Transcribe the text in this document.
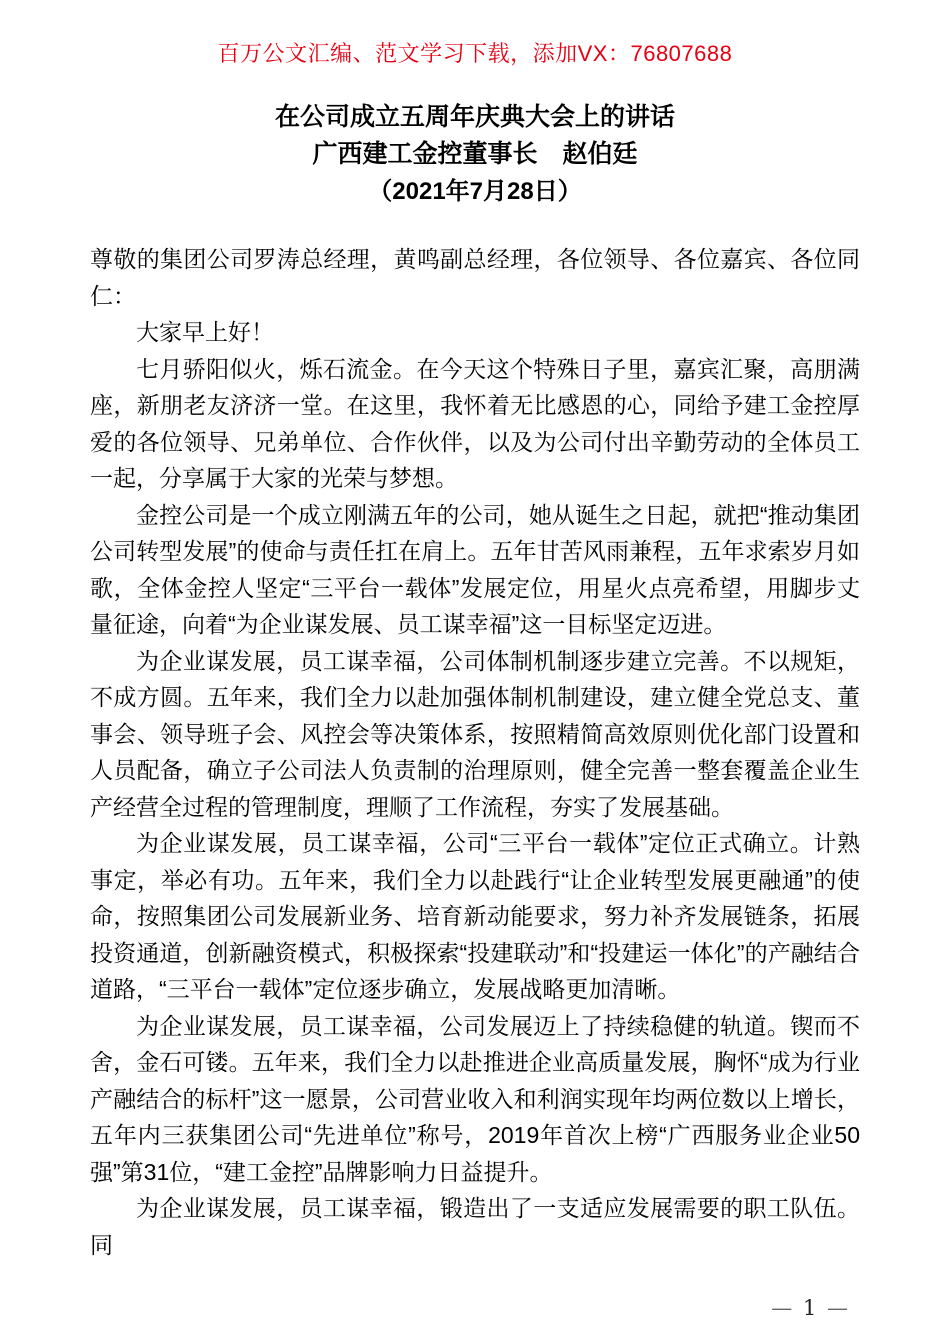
百万公文汇编、范文学习下载，添加VX：76807688

在公司成立五周年庆典大会上的讲话

广西建工金控董事长　赵伯廷

（2021年7月28日）

尊敬的集团公司罗涛总经理，黄鸣副总经理，各位领导、各位嘉宾、各位同仁：

大家早上好！

七月骄阳似火，烁石流金。在今天这个特殊日子里，嘉宾汇聚，高朋满座，新朋老友济济一堂。在这里，我怀着无比感恩的心，同给予建工金控厚爱的各位领导、兄弟单位、合作伙伴，以及为公司付出辛勤劳动的全体员工一起，分享属于大家的光荣与梦想。

金控公司是一个成立刚满五年的公司，她从诞生之日起，就把“推动集团公司转型发展”的使命与责任扛在肩上。五年甘苦风雨兼程，五年求索岁月如歌，全体金控人坚定“三平台一载体”发展定位，用星火点亮希望，用脚步丈量征途，向着“为企业谋发展、员工谋幸福”这一目标坚定迈进。

为企业谋发展，员工谋幸福，公司体制机制逐步建立完善。不以规矩，不成方圆。五年来，我们全力以赴加强体制机制建设，建立健全党总支、董事会、领导班子会、风控会等决策体系，按照精简高效原则优化部门设置和人员配备，确立子公司法人负责制的治理原则，健全完善一整套覆盖企业生产经营全过程的管理制度，理顺了工作流程，夯实了发展基础。

为企业谋发展，员工谋幸福，公司“三平台一载体”定位正式确立。计熟事定，举必有功。五年来，我们全力以赴践行“让企业转型发展更融通”的使命，按照集团公司发展新业务、培育新动能要求，努力补齐发展链条，拓展投资通道，创新融资模式，积极探索“投建联动”和“投建运一体化”的产融结合道路，“三平台一载体”定位逐步确立，发展战略更加清晰。

为企业谋发展，员工谋幸福，公司发展迈上了持续稳健的轨道。锲而不舍，金石可镂。五年来，我们全力以赴推进企业高质量发展，胸怀“成为行业产融结合的标杆”这一愿景，公司营业收入和利润实现年均两位数以上增长，五年内三获集团公司“先进单位”称号，2019年首次上榜“广西服务业企业50强”第31位，“建工金控”品牌影响力日益提升。

为企业谋发展，员工谋幸福，锻造出了一支适应发展需要的职工队伍。同

— 1 —
